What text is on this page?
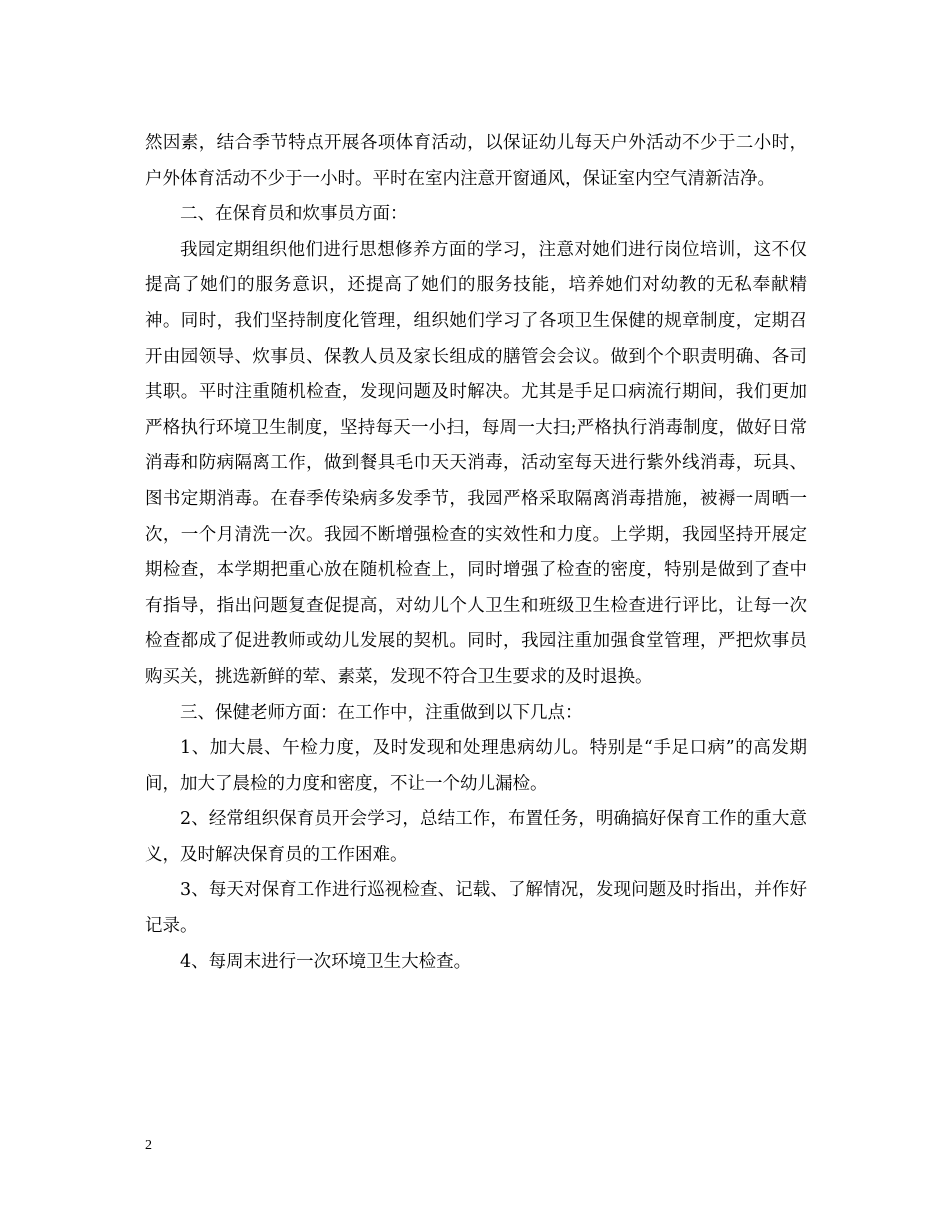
然因素，结合季节特点开展各项体育活动，以保证幼儿每天户外活动不少于二小时，户外体育活动不少于一小时。平时在室内注意开窗通风，保证室内空气清新洁净。

二、在保育员和炊事员方面：

我园定期组织他们进行思想修养方面的学习，注意对她们进行岗位培训，这不仅提高了她们的服务意识，还提高了她们的服务技能，培养她们对幼教的无私奉献精神。同时，我们坚持制度化管理，组织她们学习了各项卫生保健的规章制度，定期召开由园领导、炊事员、保教人员及家长组成的膳管会会议。做到个个职责明确、各司其职。平时注重随机检查，发现问题及时解决。尤其是手足口病流行期间，我们更加严格执行环境卫生制度，坚持每天一小扫，每周一大扫;严格执行消毒制度，做好日常消毒和防病隔离工作，做到餐具毛巾天天消毒，活动室每天进行紫外线消毒，玩具、图书定期消毒。在春季传染病多发季节，我园严格采取隔离消毒措施，被褥一周晒一次，一个月清洗一次。我园不断增强检查的实效性和力度。上学期，我园坚持开展定期检查，本学期把重心放在随机检查上，同时增强了检查的密度，特别是做到了查中有指导，指出问题复查促提高，对幼儿个人卫生和班级卫生检查进行评比，让每一次检查都成了促进教师或幼儿发展的契机。同时，我园注重加强食堂管理，严把炊事员购买关，挑选新鲜的荤、素菜，发现不符合卫生要求的及时退换。

三、保健老师方面：在工作中，注重做到以下几点：

1、加大晨、午检力度，及时发现和处理患病幼儿。特别是“手足口病”的高发期间，加大了晨检的力度和密度，不让一个幼儿漏检。

2、经常组织保育员开会学习，总结工作，布置任务，明确搞好保育工作的重大意义，及时解决保育员的工作困难。

3、每天对保育工作进行巡视检查、记载、了解情况，发现问题及时指出，并作好记录。

4、每周末进行一次环境卫生大检查。

2
